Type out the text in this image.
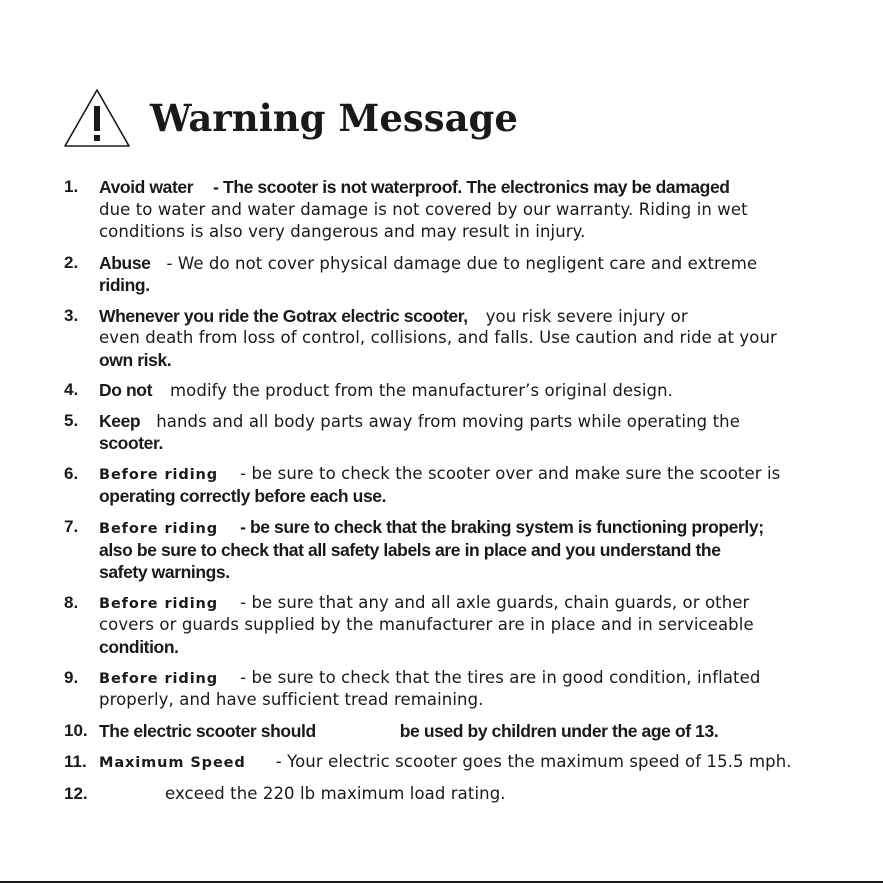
Warning Message
1.	Avoid water - The scooter is not waterproof. The electronics may be damaged
due to water and water damage is not covered by our warranty. Riding in wet
conditions is also very dangerous and may result in injury.
2.	Abuse - We do not cover physical damage due to negligent care and extreme
riding.
3.	Whenever you ride the Gotrax electric scooter, you risk severe injury or
even death from loss of control, collisions, and falls. Use caution and ride at your
own risk.
4.	Do not modify the product from the manufacturer’s original design.
5.	Keep hands and all body parts away from moving parts while operating the
scooter.
6.	Before riding - be sure to check the scooter over and make sure the scooter is
operating correctly before each use.
7.	Before riding - be sure to check that the braking system is functioning properly;
also be sure to check that all safety labels are in place and you understand the
safety warnings.
8.	Before riding - be sure that any and all axle guards, chain guards, or other
covers or guards supplied by the manufacturer are in place and in serviceable
condition.
9.	Before riding - be sure to check that the tires are in good condition, inflated
properly, and have sufficient tread remaining.
10. The electric scooter should	be used by children under the age of 13.
11. Maximum Speed - Your electric scooter goes the maximum speed of 15.5 mph.
12.	exceed the 220 lb maximum load rating.
